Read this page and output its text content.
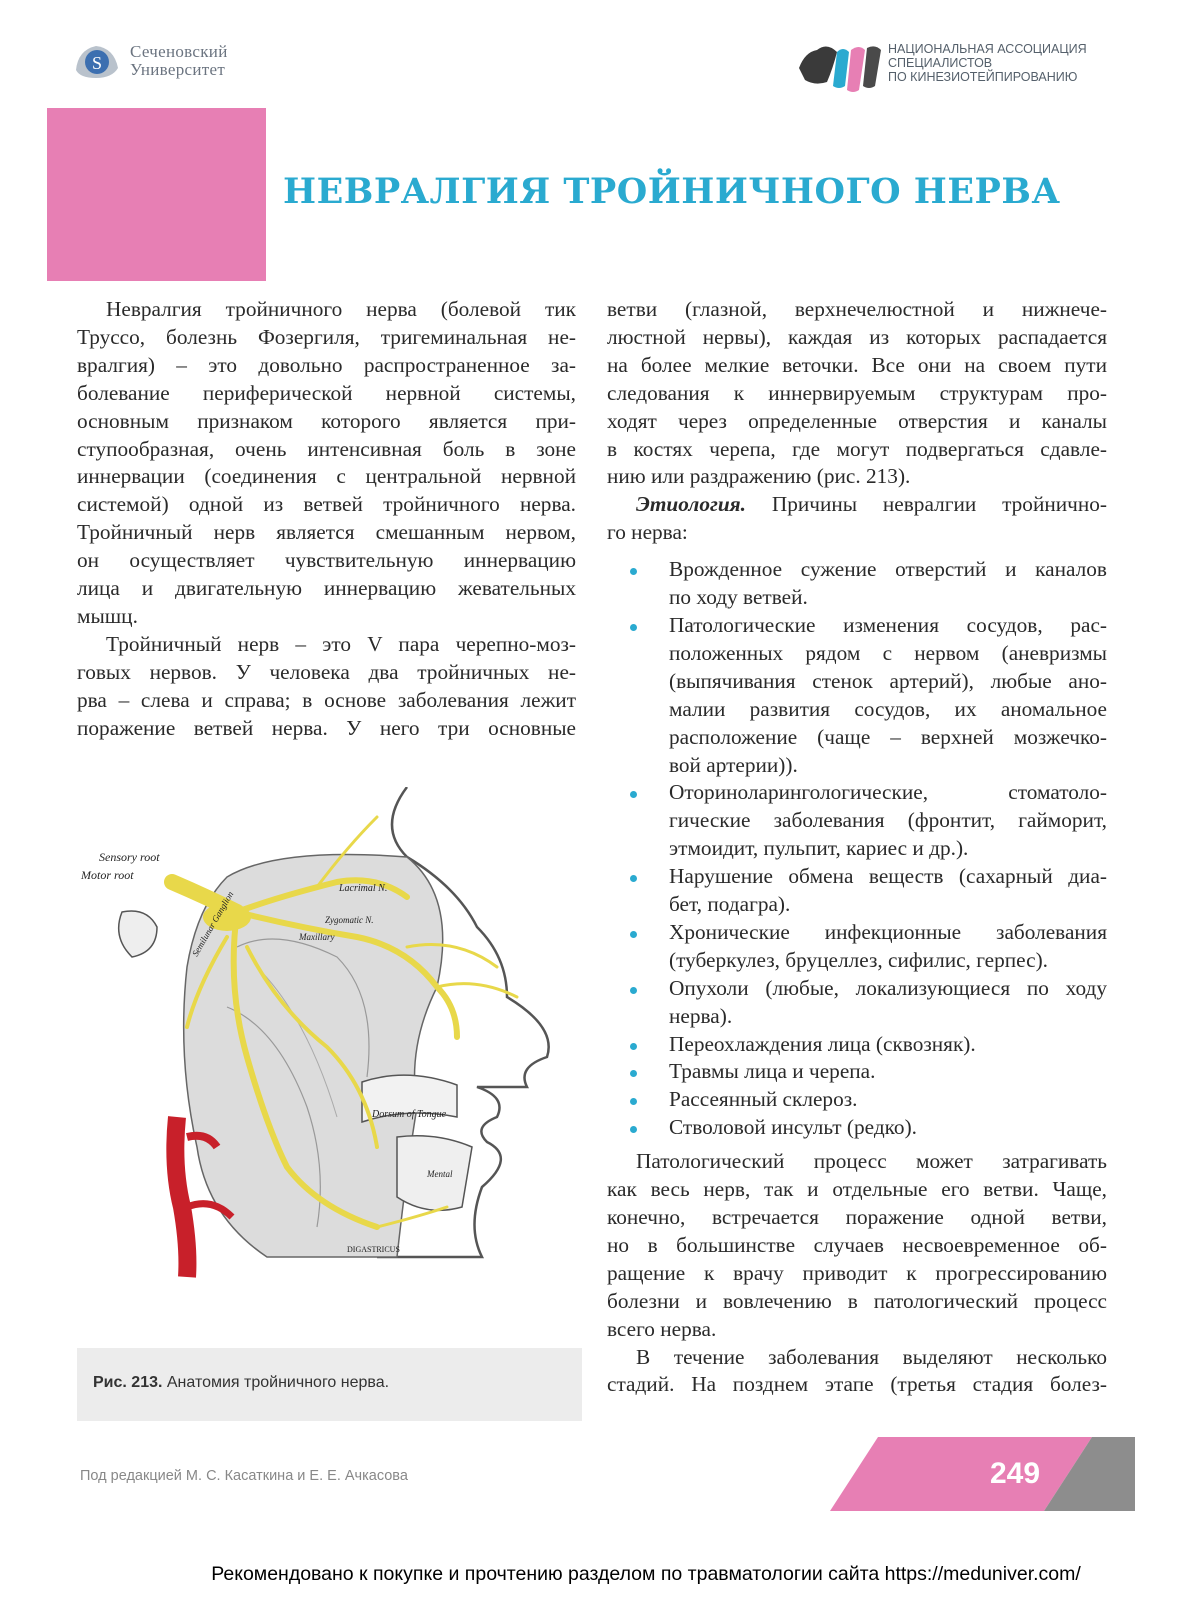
S
Сеченовский
Университет
НАЦИОНАЛЬНАЯ АССОЦИАЦИЯ
СПЕЦИАЛИСТОВ
ПО КИНЕЗИОТЕЙПИРОВАНИЮ
НЕВРАЛГИЯ ТРОЙНИЧНОГО НЕРВА

Невралгия тройничного нерва (болевой тик

Труссо, болезнь Фозергиля, тригеминальная не-

вралгия) – это довольно распространенное за-

болевание периферической нервной системы,

основным признаком которого является при-

ступообразная, очень интенсивная боль в зоне

иннервации (соединения с центральной нервной

системой) одной из ветвей тройничного нерва.

Тройничный нерв является смешанным нервом,

он осуществляет чувствительную иннервацию

лица и двигательную иннервацию жевательных

мышц.

Тройничный нерв – это V пара черепно-моз-

говых нервов. У человека два тройничных не-

рва – слева и справа; в основе заболевания лежит

поражение ветвей нерва. У него три основные

Sensory root
Motor root
Lacrimal N.
Semilunar Ganglion	Zygomatic N.
Maxillary
Dorsum of Tongue
Mental
DIGASTRICUS
Рис. 213. Анатомия тройничного нерва.

ветви (глазной, верхнечелюстной и нижнече-

люстной нервы), каждая из которых распадается

на более мелкие веточки. Все они на своем пути

следования к иннервируемым структурам про-

ходят через определенные отверстия и каналы

в костях черепа, где могут подвергаться сдавле-

нию или раздражению (рис. 213).

Этиология. Причины невралгии тройнично-

го нерва:

Врожденное сужение отверстий и каналов

по ходу ветвей.

Патологические изменения сосудов, рас-

положенных рядом с нервом (аневризмы

(выпячивания стенок артерий), любые ано-

малии развития сосудов, их аномальное

расположение (чаще – верхней мозжечко-

вой артерии)).

Оториноларингологические, стоматоло-

гические заболевания (фронтит, гайморит,

этмоидит, пульпит, кариес и др.).

Нарушение обмена веществ (сахарный диа-

бет, подагра).

Хронические инфекционные заболевания

(туберкулез, бруцеллез, сифилис, герпес).

Опухоли (любые, локализующиеся по ходу

нерва).

Переохлаждения лица (сквозняк).

Травмы лица и черепа.

Рассеянный склероз.

Стволовой инсульт (редко).

Патологический процесс может затрагивать

как весь нерв, так и отдельные его ветви. Чаще,

конечно, встречается поражение одной ветви,

но в большинстве случаев несвоевременное об-

ращение к врачу приводит к прогрессированию

болезни и вовлечению в патологический процесс

всего нерва.

В течение заболевания выделяют несколько

стадий. На позднем этапе (третья стадия болез-

Под редакцией М. С. Касаткина и Е. Е. Ачкасова	249
Рекомендовано к покупке и прочтению разделом по травматологии сайта https://meduniver.com/
